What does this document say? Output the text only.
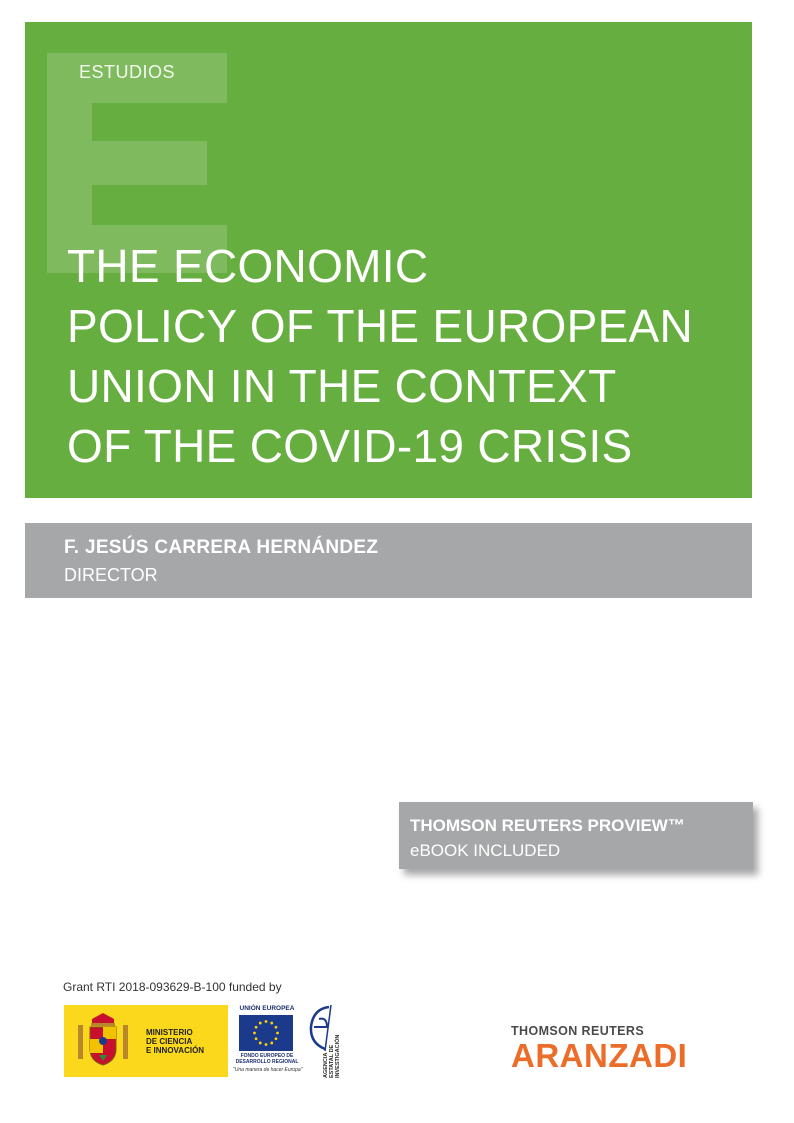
ESTUDIOS
THE ECONOMIC
POLICY OF THE EUROPEAN
UNION IN THE CONTEXT
OF THE COVID-19 CRISIS
F. JESÚS CARRERA HERNÁNDEZ
DIRECTOR
THOMSON REUTERS PROVIEW™
eBOOK INCLUDED
Grant RTI 2018-093629-B-100 funded by
MINISTERIO
DE CIENCIA
E INNOVACIÓN
UNIÓN EUROPEA
FONDO EUROPEO DE
DESARROLLO REGIONAL
"Una manera de hacer Europa"	AGENCIA ESTATAL DE INVESTIGACIÓN
THOMSON REUTERS
ARANZADI
